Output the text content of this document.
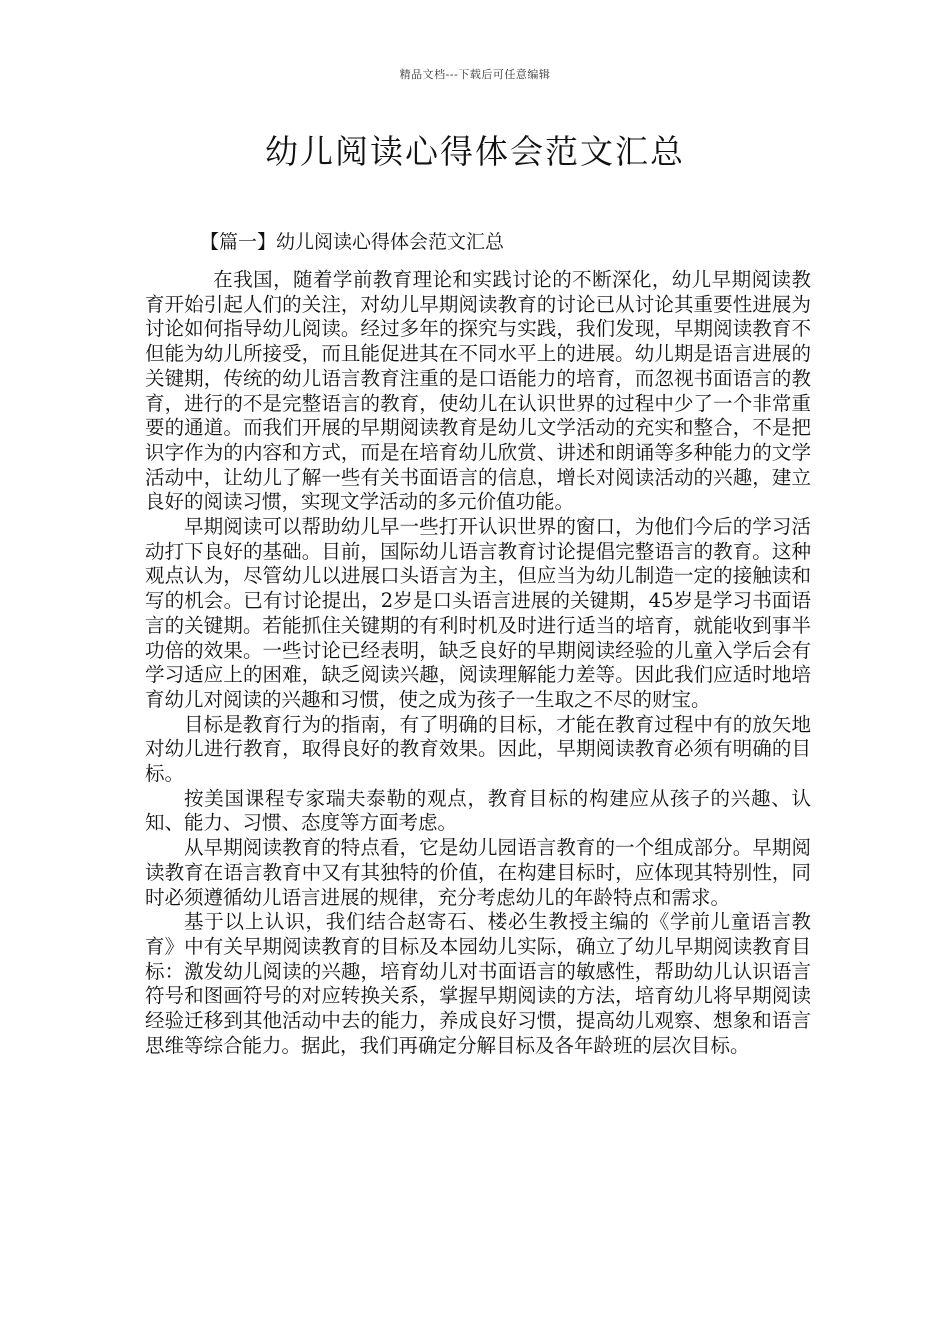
精品文档---下载后可任意编辑
幼儿阅读心得体会范文汇总
【篇一】幼儿阅读心得体会范文汇总

在我国，随着学前教育理论和实践讨论的不断深化，幼儿早期阅读教育开始引起人们的关注，对幼儿早期阅读教育的讨论已从讨论其重要性进展为讨论如何指导幼儿阅读。经过多年的探究与实践，我们发现，早期阅读教育不但能为幼儿所接受，而且能促进其在不同水平上的进展。幼儿期是语言进展的关键期，传统的幼儿语言教育注重的是口语能力的培育，而忽视书面语言的教育，进行的不是完整语言的教育，使幼儿在认识世界的过程中少了一个非常重要的通道。而我们开展的早期阅读教育是幼儿文学活动的充实和整合，不是把识字作为的内容和方式，而是在培育幼儿欣赏、讲述和朗诵等多种能力的文学活动中，让幼儿了解一些有关书面语言的信息，增长对阅读活动的兴趣，建立良好的阅读习惯，实现文学活动的多元价值功能。

早期阅读可以帮助幼儿早一些打开认识世界的窗口，为他们今后的学习活动打下良好的基础。目前，国际幼儿语言教育讨论提倡完整语言的教育。这种观点认为，尽管幼儿以进展口头语言为主，但应当为幼儿制造一定的接触读和写的机会。已有讨论提出，2岁是口头语言进展的关键期，45岁是学习书面语言的关键期。若能抓住关键期的有利时机及时进行适当的培育，就能收到事半功倍的效果。一些讨论已经表明，缺乏良好的早期阅读经验的儿童入学后会有学习适应上的困难，缺乏阅读兴趣，阅读理解能力差等。因此我们应适时地培育幼儿对阅读的兴趣和习惯，使之成为孩子一生取之不尽的财宝。

目标是教育行为的指南，有了明确的目标，才能在教育过程中有的放矢地对幼儿进行教育，取得良好的教育效果。因此，早期阅读教育必须有明确的目标。

按美国课程专家瑞夫泰勒的观点，教育目标的构建应从孩子的兴趣、认知、能力、习惯、态度等方面考虑。

从早期阅读教育的特点看，它是幼儿园语言教育的一个组成部分。早期阅读教育在语言教育中又有其独特的价值，在构建目标时，应体现其特别性，同时必须遵循幼儿语言进展的规律，充分考虑幼儿的年龄特点和需求。

基于以上认识，我们结合赵寄石、楼必生教授主编的《学前儿童语言教育》中有关早期阅读教育的目标及本园幼儿实际，确立了幼儿早期阅读教育目标：激发幼儿阅读的兴趣，培育幼儿对书面语言的敏感性，帮助幼儿认识语言符号和图画符号的对应转换关系，掌握早期阅读的方法，培育幼儿将早期阅读经验迁移到其他活动中去的能力，养成良好习惯，提高幼儿观察、想象和语言思维等综合能力。据此，我们再确定分解目标及各年龄班的层次目标。
